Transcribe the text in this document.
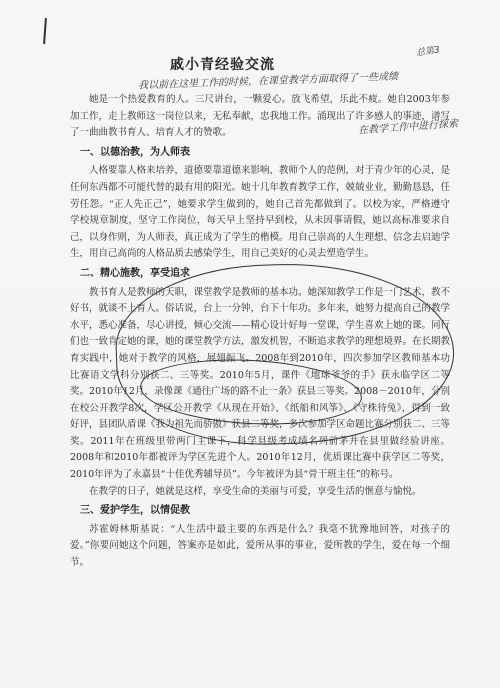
戚小青经验交流
总第3
我以前在这里工作的时候，在课堂教学方面取得了一些成绩
在教学工作中进行探索

她是一个热爱教育的人。三尺讲台，一颗爱心。放飞希望，乐此不疲。她自2003年参加工作，走上教师这一岗位以来，无私奉献，忠我地工作。涌现出了许多感人的事迹，谱写了一曲曲教书育人、培育人才的赞歌。

一、以德治教，为人师表

人格要靠人格来培养，道德要靠道德来影响，教师个人的范例，对于青少年的心灵，是任何东西都不可能代替的最有用的阳光。她十几年教育教学工作，兢兢业业，勤勤恳恳，任劳任怨。“正人先正己”，她要求学生做到的，她自己首先都做到了。以校为家，严格遵守学校规章制度，坚守工作岗位，每天早上坚持早到校，从未因事请假，她以高标准要求自己，以身作则，为人师表，真正成为了学生的楷模。用自己崇高的人生理想、信念去启迪学生，用自己高尚的人格品质去感染学生，用自己美好的心灵去塑造学生。

二、精心施教，享受追求

教书育人是教师的天职，课堂教学是教师的基本功。她深知教学工作是一门艺术，教不好书，就谈不上育人。俗话说，台上一分钟，台下十年功。多年来，她努力提高自己的教学水平，悉心准备，尽心讲授，倾心交流——精心设计好每一堂课，学生喜欢上她的课。同行们也一致肯定她的课，她的课堂教学方法，激发机智，不断追求教学的理想境界。在长期教育实践中，她对于教学的风格，展翅振飞。2008年到2010年，四次参加学区教师基本功比赛语文学科分别获二、三等奖。2010年5月，课件《地球爷爷的手》获永临学区二等奖。2010年12月，录像课《通往广场的路不止一条》获县三等奖。2008－2010年，分别在校公开教学8次，学区公开教学《从现在开始》、《纸船和风筝》、《守株待兔》，得到一致好评，县团队盾课《我为祖先而骄傲》获县二等奖，多次参加学区命题比赛分别获二、三等奖。2011年在班级里带两门主课下，科学县级考成绩名列前茅并在县里做经验讲座。2008年和2010年都被评为学区先进个人。2010年12月，优质课比赛中获学区二等奖，2010年评为了永嘉县“十佳优秀辅导员”。今年被评为县“骨干班主任”的称号。

在教学的日子，她就是这样，享受生命的美丽与可爱，享受生活的惬意与愉悦。

三、爱护学生，以情促教

苏霍姆林斯基说：“人生活中最主要的东西是什么？我毫不犹豫地回答，对孩子的爱。”你要问她这个问题，答案亦是如此，爱所从事的事业，爱所教的学生，爱在每一个细节。
